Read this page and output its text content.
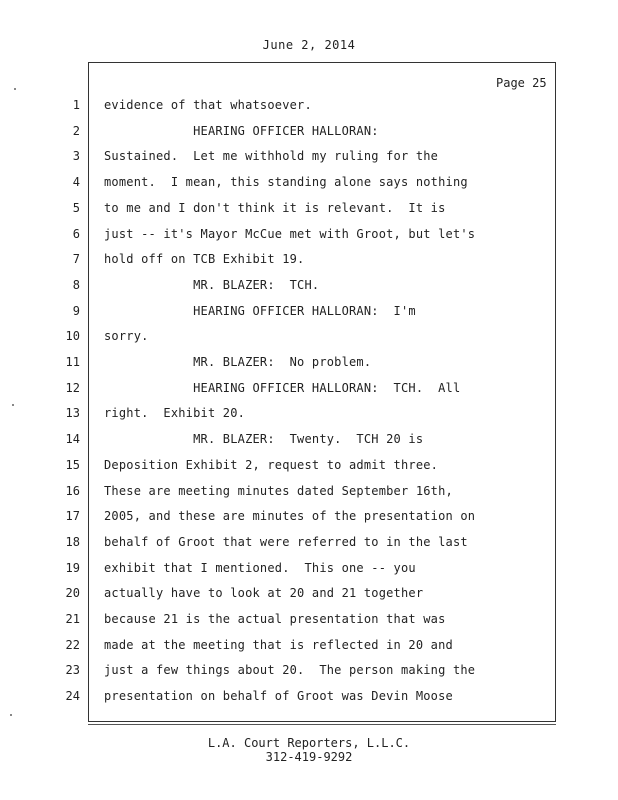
June 2, 2014
Page 25
1 evidence of that whatsoever.
2 HEARING OFFICER HALLORAN:
3 Sustained.  Let me withhold my ruling for the
4 moment.  I mean, this standing alone says nothing
5 to me and I don't think it is relevant.  It is
6 just -- it's Mayor McCue met with Groot, but let's
7 hold off on TCB Exhibit 19.
8 MR. BLAZER:  TCH.
9 HEARING OFFICER HALLORAN:  I'm
10 sorry.
11 MR. BLAZER:  No problem.
12 HEARING OFFICER HALLORAN:  TCH.  All
13 right.  Exhibit 20.
14 MR. BLAZER:  Twenty.  TCH 20 is
15 Deposition Exhibit 2, request to admit three.
16 These are meeting minutes dated September 16th,
17 2005, and these are minutes of the presentation on
18 behalf of Groot that were referred to in the last
19 exhibit that I mentioned.  This one -- you
20 actually have to look at 20 and 21 together
21 because 21 is the actual presentation that was
22 made at the meeting that is reflected in 20 and
23 just a few things about 20.  The person making the
24 presentation on behalf of Groot was Devin Moose
L.A. Court Reporters, L.L.C.
312-419-9292
